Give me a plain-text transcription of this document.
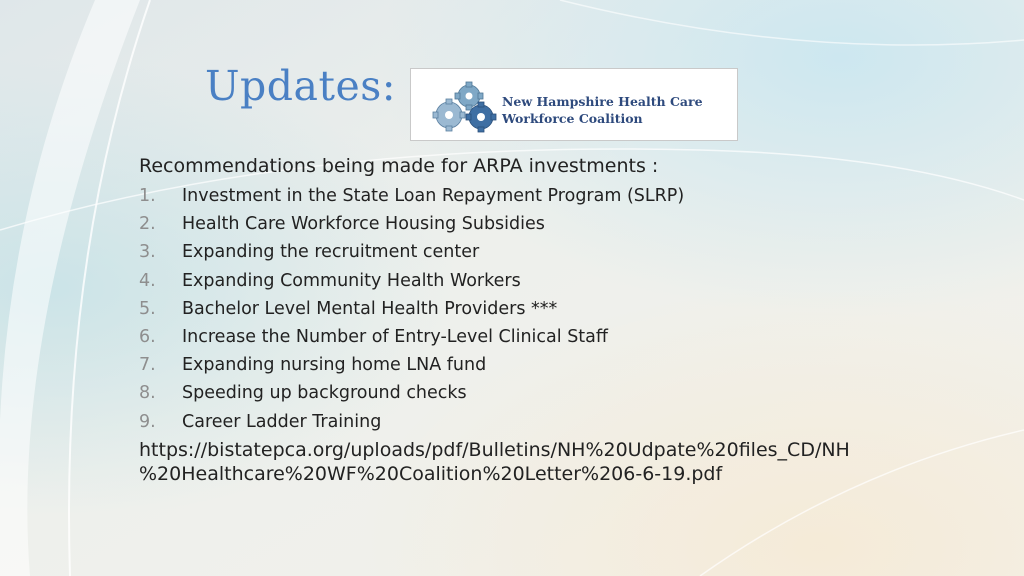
Updates:	New Hampshire Health Care
Workforce Coalition
Recommendations being made for ARPA investments :
1.	Investment in the State Loan Repayment Program (SLRP)
2.	Health Care Workforce Housing Subsidies
3.	Expanding the recruitment center
4.	Expanding Community Health Workers
5.	Bachelor Level Mental Health Providers ***
6.	Increase the Number of Entry-Level Clinical Staff
7.	Expanding nursing home LNA fund
8.	Speeding up background checks
9.	Career Ladder Training
https://bistatepca.org/uploads/pdf/Bulletins/NH%20Udpate%20files_CD/NH
%20Healthcare%20WF%20Coalition%20Letter%206-6-19.pdf
